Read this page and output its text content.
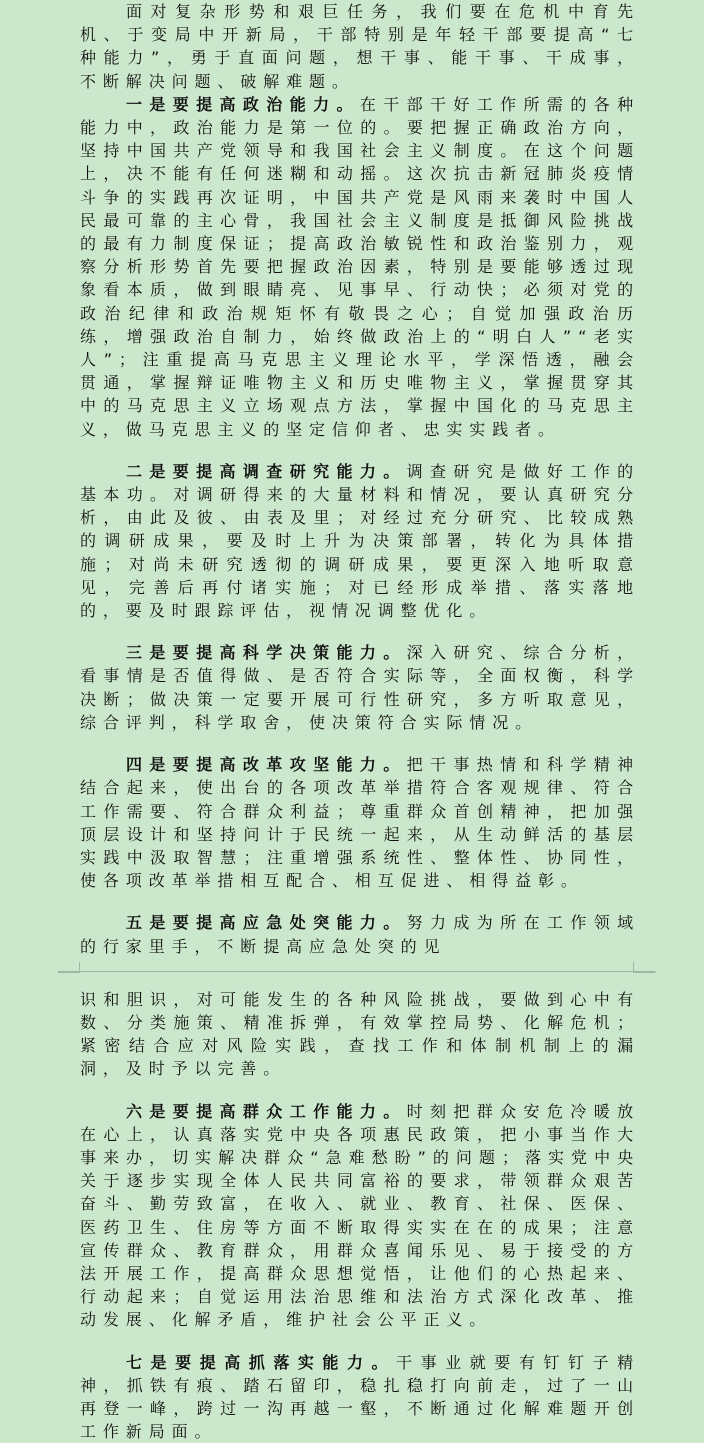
面对复杂形势和艰巨任务，我们要在危机中育先机、于变局中开新局，干部特别是年轻干部要提高“七种能力”，勇于直面问题，想干事、能干事、干成事，不断解决问题、破解难题。

一是要提高政治能力。在干部干好工作所需的各种能力中，政治能力是第一位的。要把握正确政治方向，坚持中国共产党领导和我国社会主义制度。在这个问题上，决不能有任何迷糊和动摇。这次抗击新冠肺炎疫情斗争的实践再次证明，中国共产党是风雨来袭时中国人民最可靠的主心骨，我国社会主义制度是抵御风险挑战的最有力制度保证；提高政治敏锐性和政治鉴别力，观察分析形势首先要把握政治因素，特别是要能够透过现象看本质，做到眼睛亮、见事早、行动快；必须对党的政治纪律和政治规矩怀有敬畏之心；自觉加强政治历练，增强政治自制力，始终做政治上的“明白人”“老实人”；注重提高马克思主义理论水平，学深悟透，融会贯通，掌握辩证唯物主义和历史唯物主义，掌握贯穿其中的马克思主义立场观点方法，掌握中国化的马克思主义，做马克思主义的坚定信仰者、忠实实践者。

二是要提高调查研究能力。调查研究是做好工作的基本功。对调研得来的大量材料和情况，要认真研究分析，由此及彼、由表及里；对经过充分研究、比较成熟的调研成果，要及时上升为决策部署，转化为具体措施；对尚未研究透彻的调研成果，要更深入地听取意见，完善后再付诸实施；对已经形成举措、落实落地的，要及时跟踪评估，视情况调整优化。

三是要提高科学决策能力。深入研究、综合分析，看事情是否值得做、是否符合实际等，全面权衡，科学决断；做决策一定要开展可行性研究，多方听取意见，综合评判，科学取舍，使决策符合实际情况。

四是要提高改革攻坚能力。把干事热情和科学精神结合起来，使出台的各项改革举措符合客观规律、符合工作需要、符合群众利益；尊重群众首创精神，把加强顶层设计和坚持问计于民统一起来，从生动鲜活的基层实践中汲取智慧；注重增强系统性、整体性、协同性，使各项改革举措相互配合、相互促进、相得益彰。

五是要提高应急处突能力。努力成为所在工作领域的行家里手，不断提高应急处突的见

识和胆识，对可能发生的各种风险挑战，要做到心中有数、分类施策、精准拆弹，有效掌控局势、化解危机；紧密结合应对风险实践，查找工作和体制机制上的漏洞，及时予以完善。

六是要提高群众工作能力。时刻把群众安危冷暖放在心上，认真落实党中央各项惠民政策，把小事当作大事来办，切实解决群众“急难愁盼”的问题；落实党中央关于逐步实现全体人民共同富裕的要求，带领群众艰苦奋斗、勤劳致富，在收入、就业、教育、社保、医保、医药卫生、住房等方面不断取得实实在在的成果；注意宣传群众、教育群众，用群众喜闻乐见、易于接受的方法开展工作，提高群众思想觉悟，让他们的心热起来、行动起来；自觉运用法治思维和法治方式深化改革、推动发展、化解矛盾，维护社会公平正义。

七是要提高抓落实能力。干事业就要有钉钉子精神，抓铁有痕、踏石留印，稳扎稳打向前走，过了一山再登一峰，跨过一沟再越一壑，不断通过化解难题开创工作新局面。
